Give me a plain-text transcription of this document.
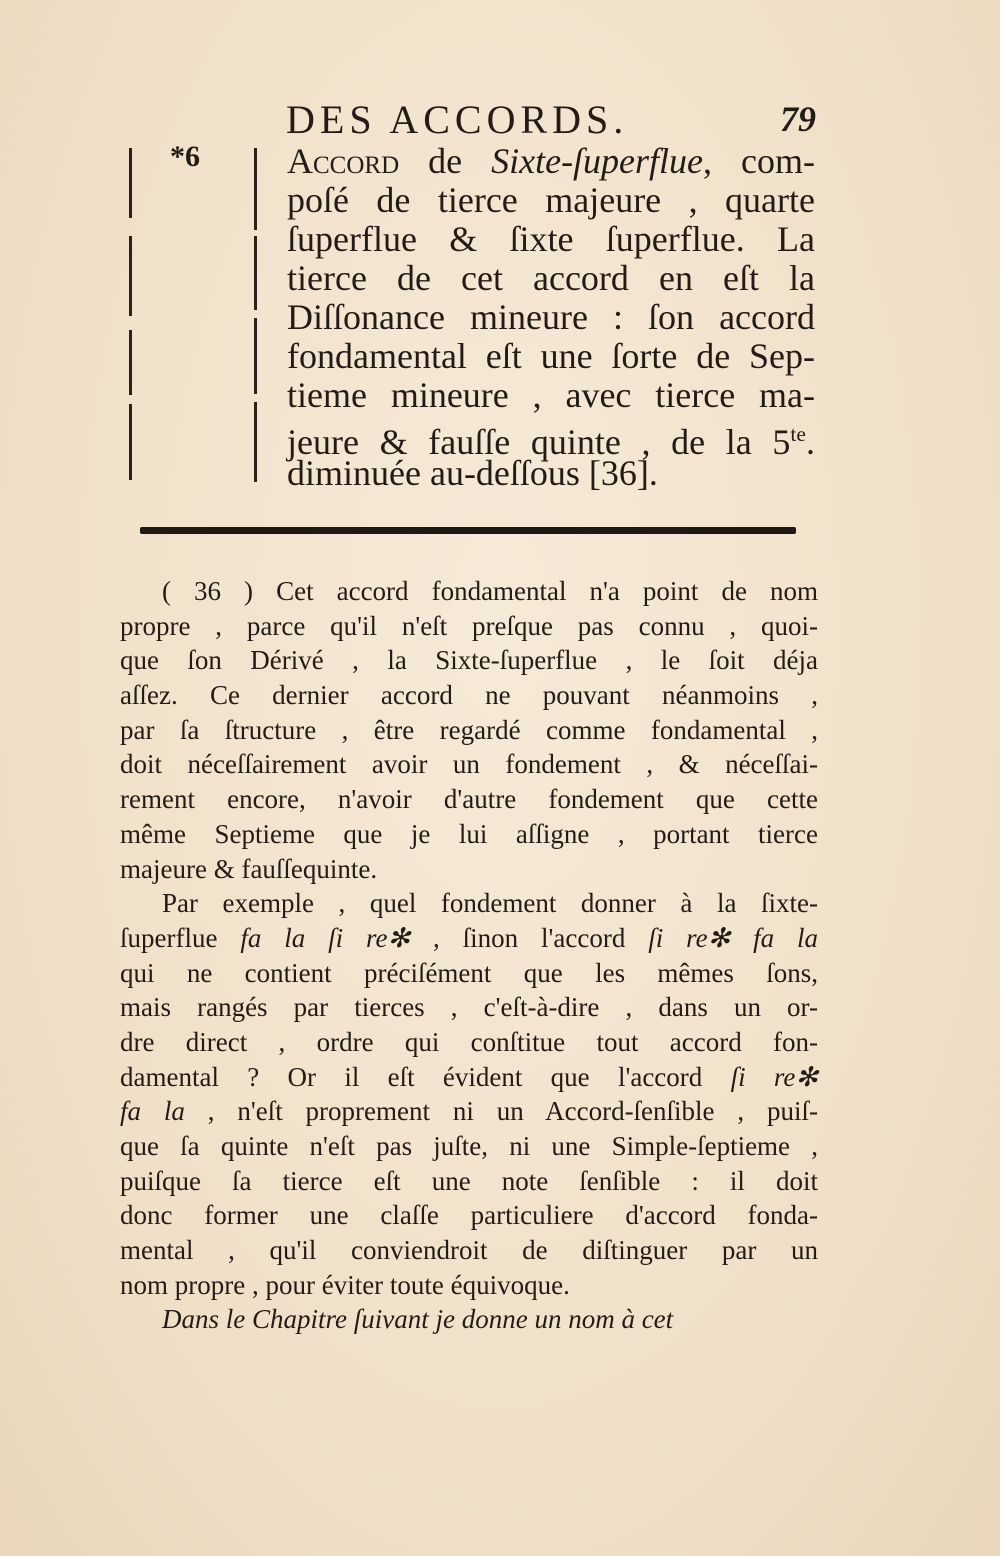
DES ACCORDS.	79
*6 Accord de Sixte-ſuperflue, com-
poſé de tierce majeure , quarte
ſuperflue & ſixte ſuperflue. La
tierce de cet accord en eſt la
Diſſonance mineure : ſon accord
fondamental eſt une ſorte de Sep-
tieme mineure , avec tierce ma-
jeure & fauſſe quinte , de la $5^{te}$.
diminuée au-deſſous [36].
( 36 ) Cet accord fondamental n'a point de nom
propre , parce qu'il n'eſt preſque pas connu , quoi-
que ſon Dérivé , la Sixte-ſuperflue , le ſoit déja
aſſez. Ce dernier accord ne pouvant néanmoins ,
par ſa ſtructure , être regardé comme fondamental ,
doit néceſſairement avoir un fondement , & néceſſai-
rement encore, n'avoir d'autre fondement que cette
même Septieme que je lui aſſigne , portant tierce
majeure & fauſſequinte.
Par exemple , quel fondement donner à la ſixte-
ſuperflue fa la ſi re✻ , ſinon l'accord ſi re✻ fa la
qui ne contient préciſément que les mêmes ſons,
mais rangés par tierces , c'eſt-à-dire , dans un or-
dre direct , ordre qui conſtitue tout accord fon-
damental ? Or il eſt évident que l'accord ſi re✻
fa la , n'eſt proprement ni un Accord-ſenſible , puiſ-
que ſa quinte n'eſt pas juſte, ni une Simple-ſeptieme ,
puiſque ſa tierce eſt une note ſenſible : il doit
donc former une claſſe particuliere d'accord fonda-
mental , qu'il conviendroit de diſtinguer par un
nom propre , pour éviter toute équivoque.
Dans le Chapitre ſuivant je donne un nom à cet
